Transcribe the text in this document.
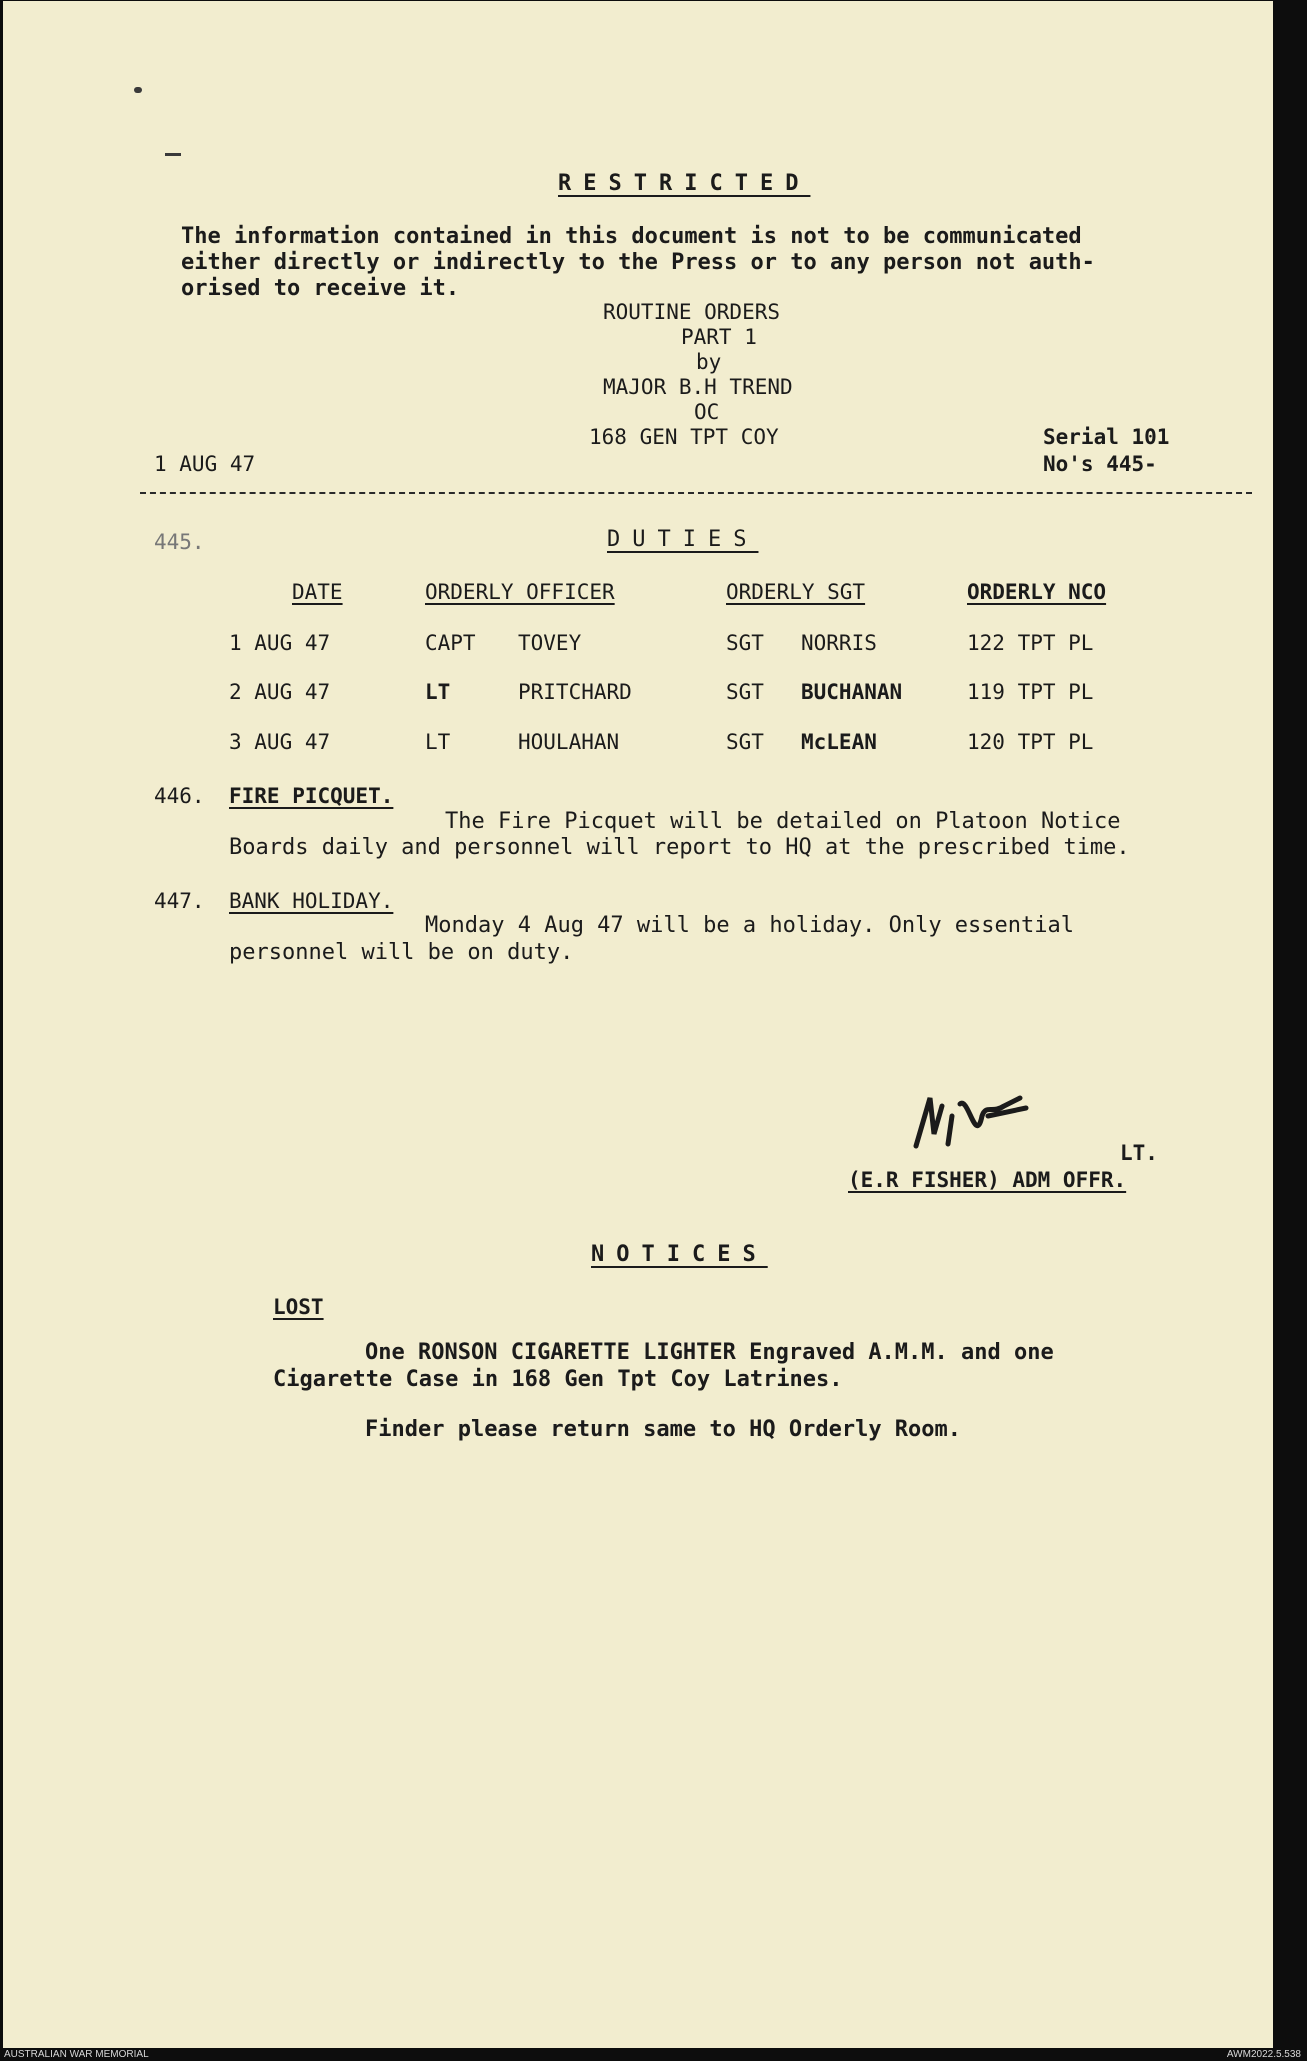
RESTRICTED
The information contained in this document is not to be communicated
either directly or indirectly to the Press or to any person not auth-
orised to receive it.
ROUTINE ORDERS
PART 1
by
MAJOR B.H TREND
OC
168 GEN TPT COY
1 AUG 47
Serial 101
No's 445-
445.	DUTIES
DATE	ORDERLY OFFICER	ORDERLY SGT	ORDERLY NCO
1 AUG 47	CAPT TOVEY	SGT NORRIS	122 TPT PL
2 AUG 47	LT	PRITCHARD	SGT BUCHANAN	119 TPT PL
3 AUG 47	LT	HOULAHAN	SGT McLEAN	120 TPT PL
446. FIRE PICQUET.
The Fire Picquet will be detailed on Platoon Notice
Boards daily and personnel will report to HQ at the prescribed time.
447. BANK HOLIDAY.
Monday 4 Aug 47 will be a holiday. Only essential
personnel will be on duty.
LT.
(E.R FISHER) ADM OFFR.
NOTICES
LOST
One RONSON CIGARETTE LIGHTER Engraved A.M.M. and one
Cigarette Case in 168 Gen Tpt Coy Latrines.
Finder please return same to HQ Orderly Room.
AUSTRALIAN WAR MEMORIAL	AWM2022.5.538
